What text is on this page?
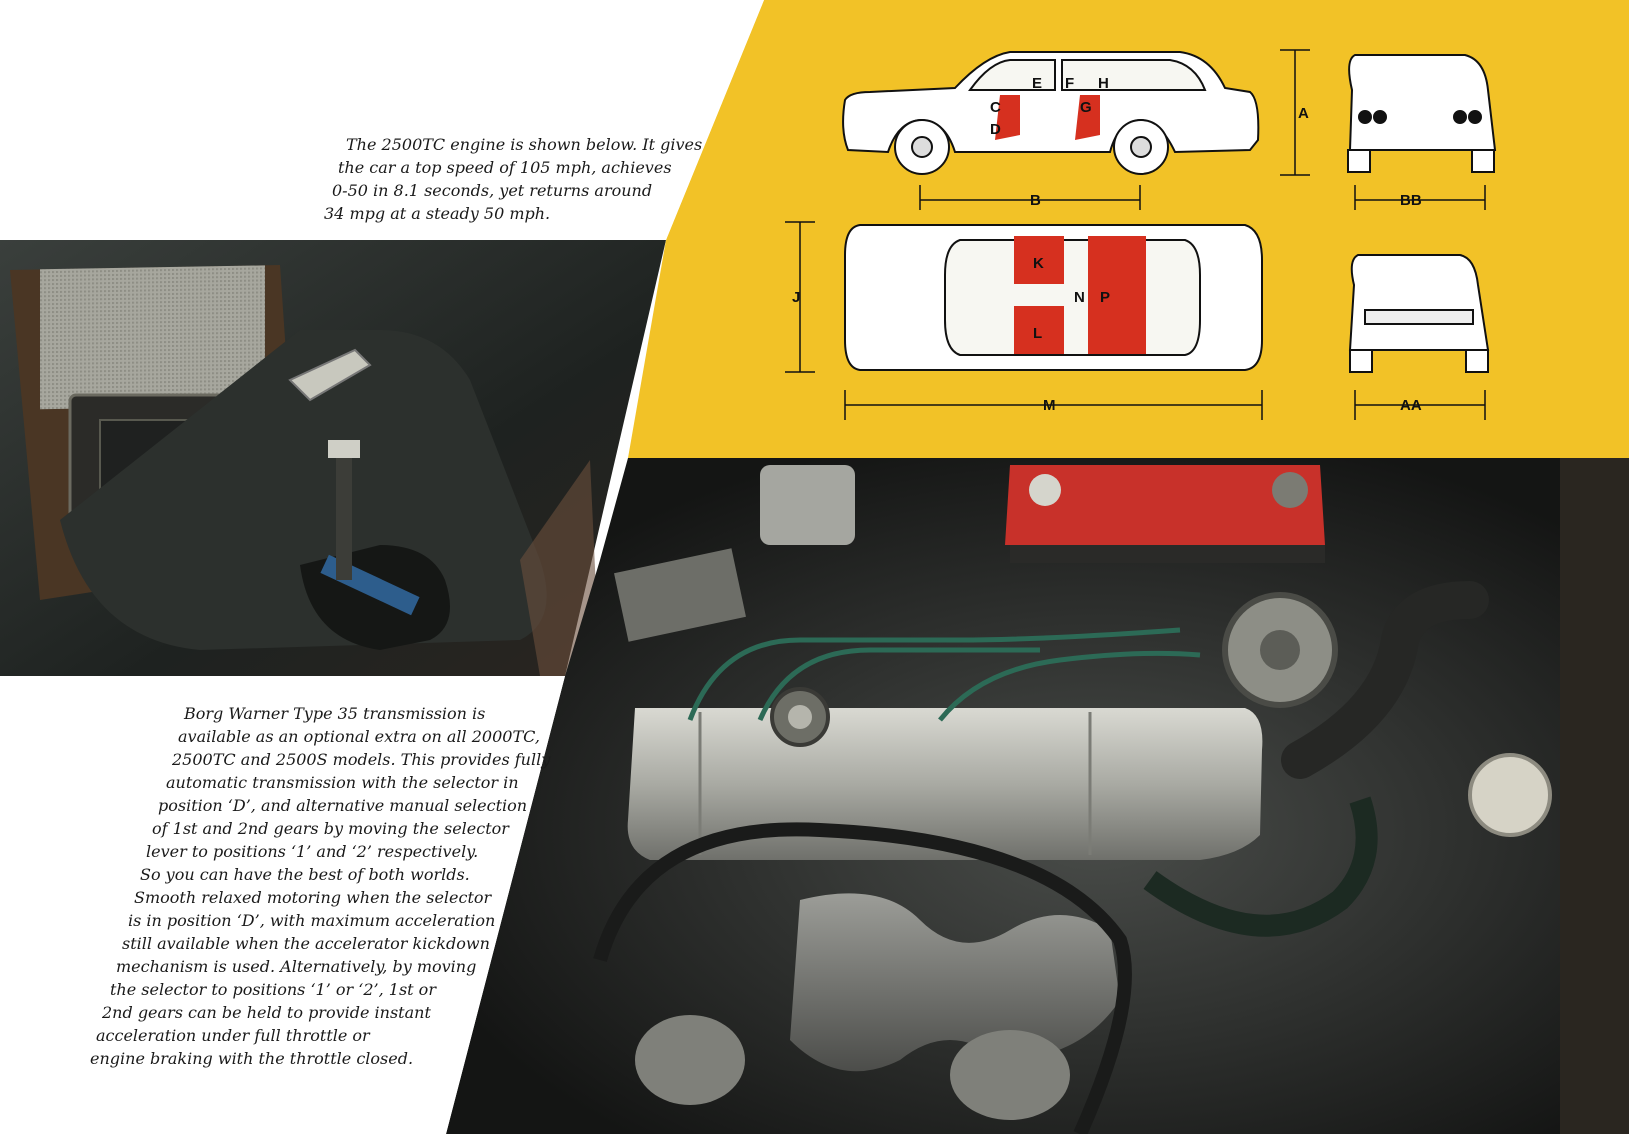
A
B	BB
C
D
E F
G
H
J
K
L
M
N P
AA
The 2500TC engine is shown below. It gives
the car a top speed of 105 mph, achieves
0-50 in 8.1 seconds, yet returns around
34 mpg at a steady 50 mph.
Borg Warner Type 35 transmission is
available as an optional extra on all 2000TC,
2500TC and 2500S models. This provides fully
automatic transmission with the selector in
position ‘D’, and alternative manual selection
of 1st and 2nd gears by moving the selector
lever to positions ‘1’ and ‘2’ respectively.
So you can have the best of both worlds.
Smooth relaxed motoring when the selector
is in position ‘D’, with maximum acceleration
still available when the accelerator kickdown
mechanism is used. Alternatively, by moving
the selector to positions ‘1’ or ‘2’, 1st or
2nd gears can be held to provide instant
acceleration under full throttle or
engine braking with the throttle closed.
